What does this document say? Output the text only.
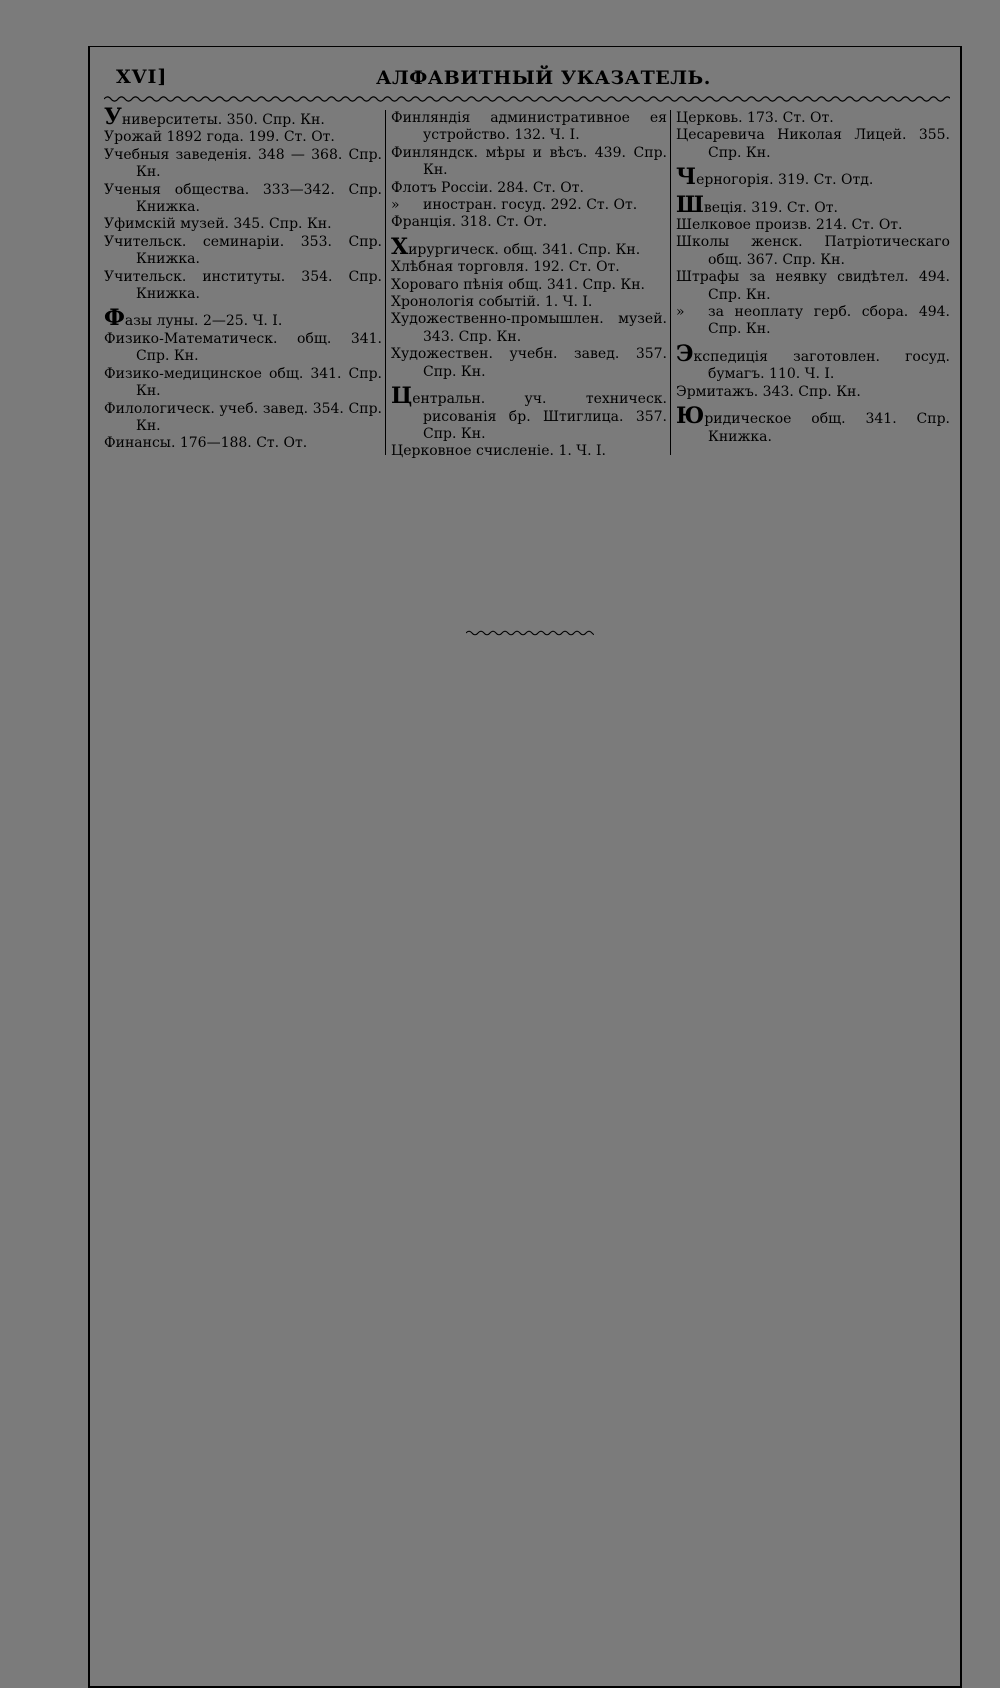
XVI]	АЛФАВИТНЫЙ УКАЗАТЕЛЬ.

Университеты. 350. Спр. Кн.

Урожай 1892 года. 199. Ст. От.

Учебныя заведенія. 348 — 368. Спр. Кн.

Ученыя общества. 333—342. Спр. Книжка.

Уфимскій музей. 345. Спр. Кн.

Учительск. семинаріи. 353. Спр. Книжка.

Учительск. институты. 354. Спр. Книжка.

Фазы луны. 2—25. Ч. I.

Физико-Математическ. общ. 341. Спр. Кн.

Физико-медицинское общ. 341. Спр. Кн.

Филологическ. учеб. завед. 354. Спр. Кн.

Финансы. 176—188. Ст. От.

Финляндія административное ея устройство. 132. Ч. I.

Финляндск. мѣры и вѣсъ. 439. Спр. Кн.

Флотъ Россіи. 284. Ст. От.

» иностран. госуд. 292. Ст. От.

Франція. 318. Ст. От.

Хирургическ. общ. 341. Спр. Кн.

Хлѣбная торговля. 192. Ст. От.

Хороваго пѣнія общ. 341. Спр. Кн.

Хронологія событій. 1. Ч. I.

Художественно-промышлен. музей. 343. Спр. Кн.

Художествен. учебн. завед. 357. Спр. Кн.

Центральн. уч. техническ. рисованія бр. Штиглица. 357. Спр. Кн.

Церковное счисленіе. 1. Ч. I.

Церковь. 173. Ст. От.

Цесаревича Николая Лицей. 355. Спр. Кн.

Черногорія. 319. Ст. Отд.

Швеція. 319. Ст. От.

Шелковое произв. 214. Ст. От.

Школы женск. Патріотическаго общ. 367. Спр. Кн.

Штрафы за неявку свидѣтел. 494. Спр. Кн.

» за неоплату герб. сбора. 494. Спр. Кн.

Экспедиція заготовлен. госуд. бумагъ. 110. Ч. I.

Эрмитажъ. 343. Спр. Кн.

Юридическое общ. 341. Спр. Книжка.
